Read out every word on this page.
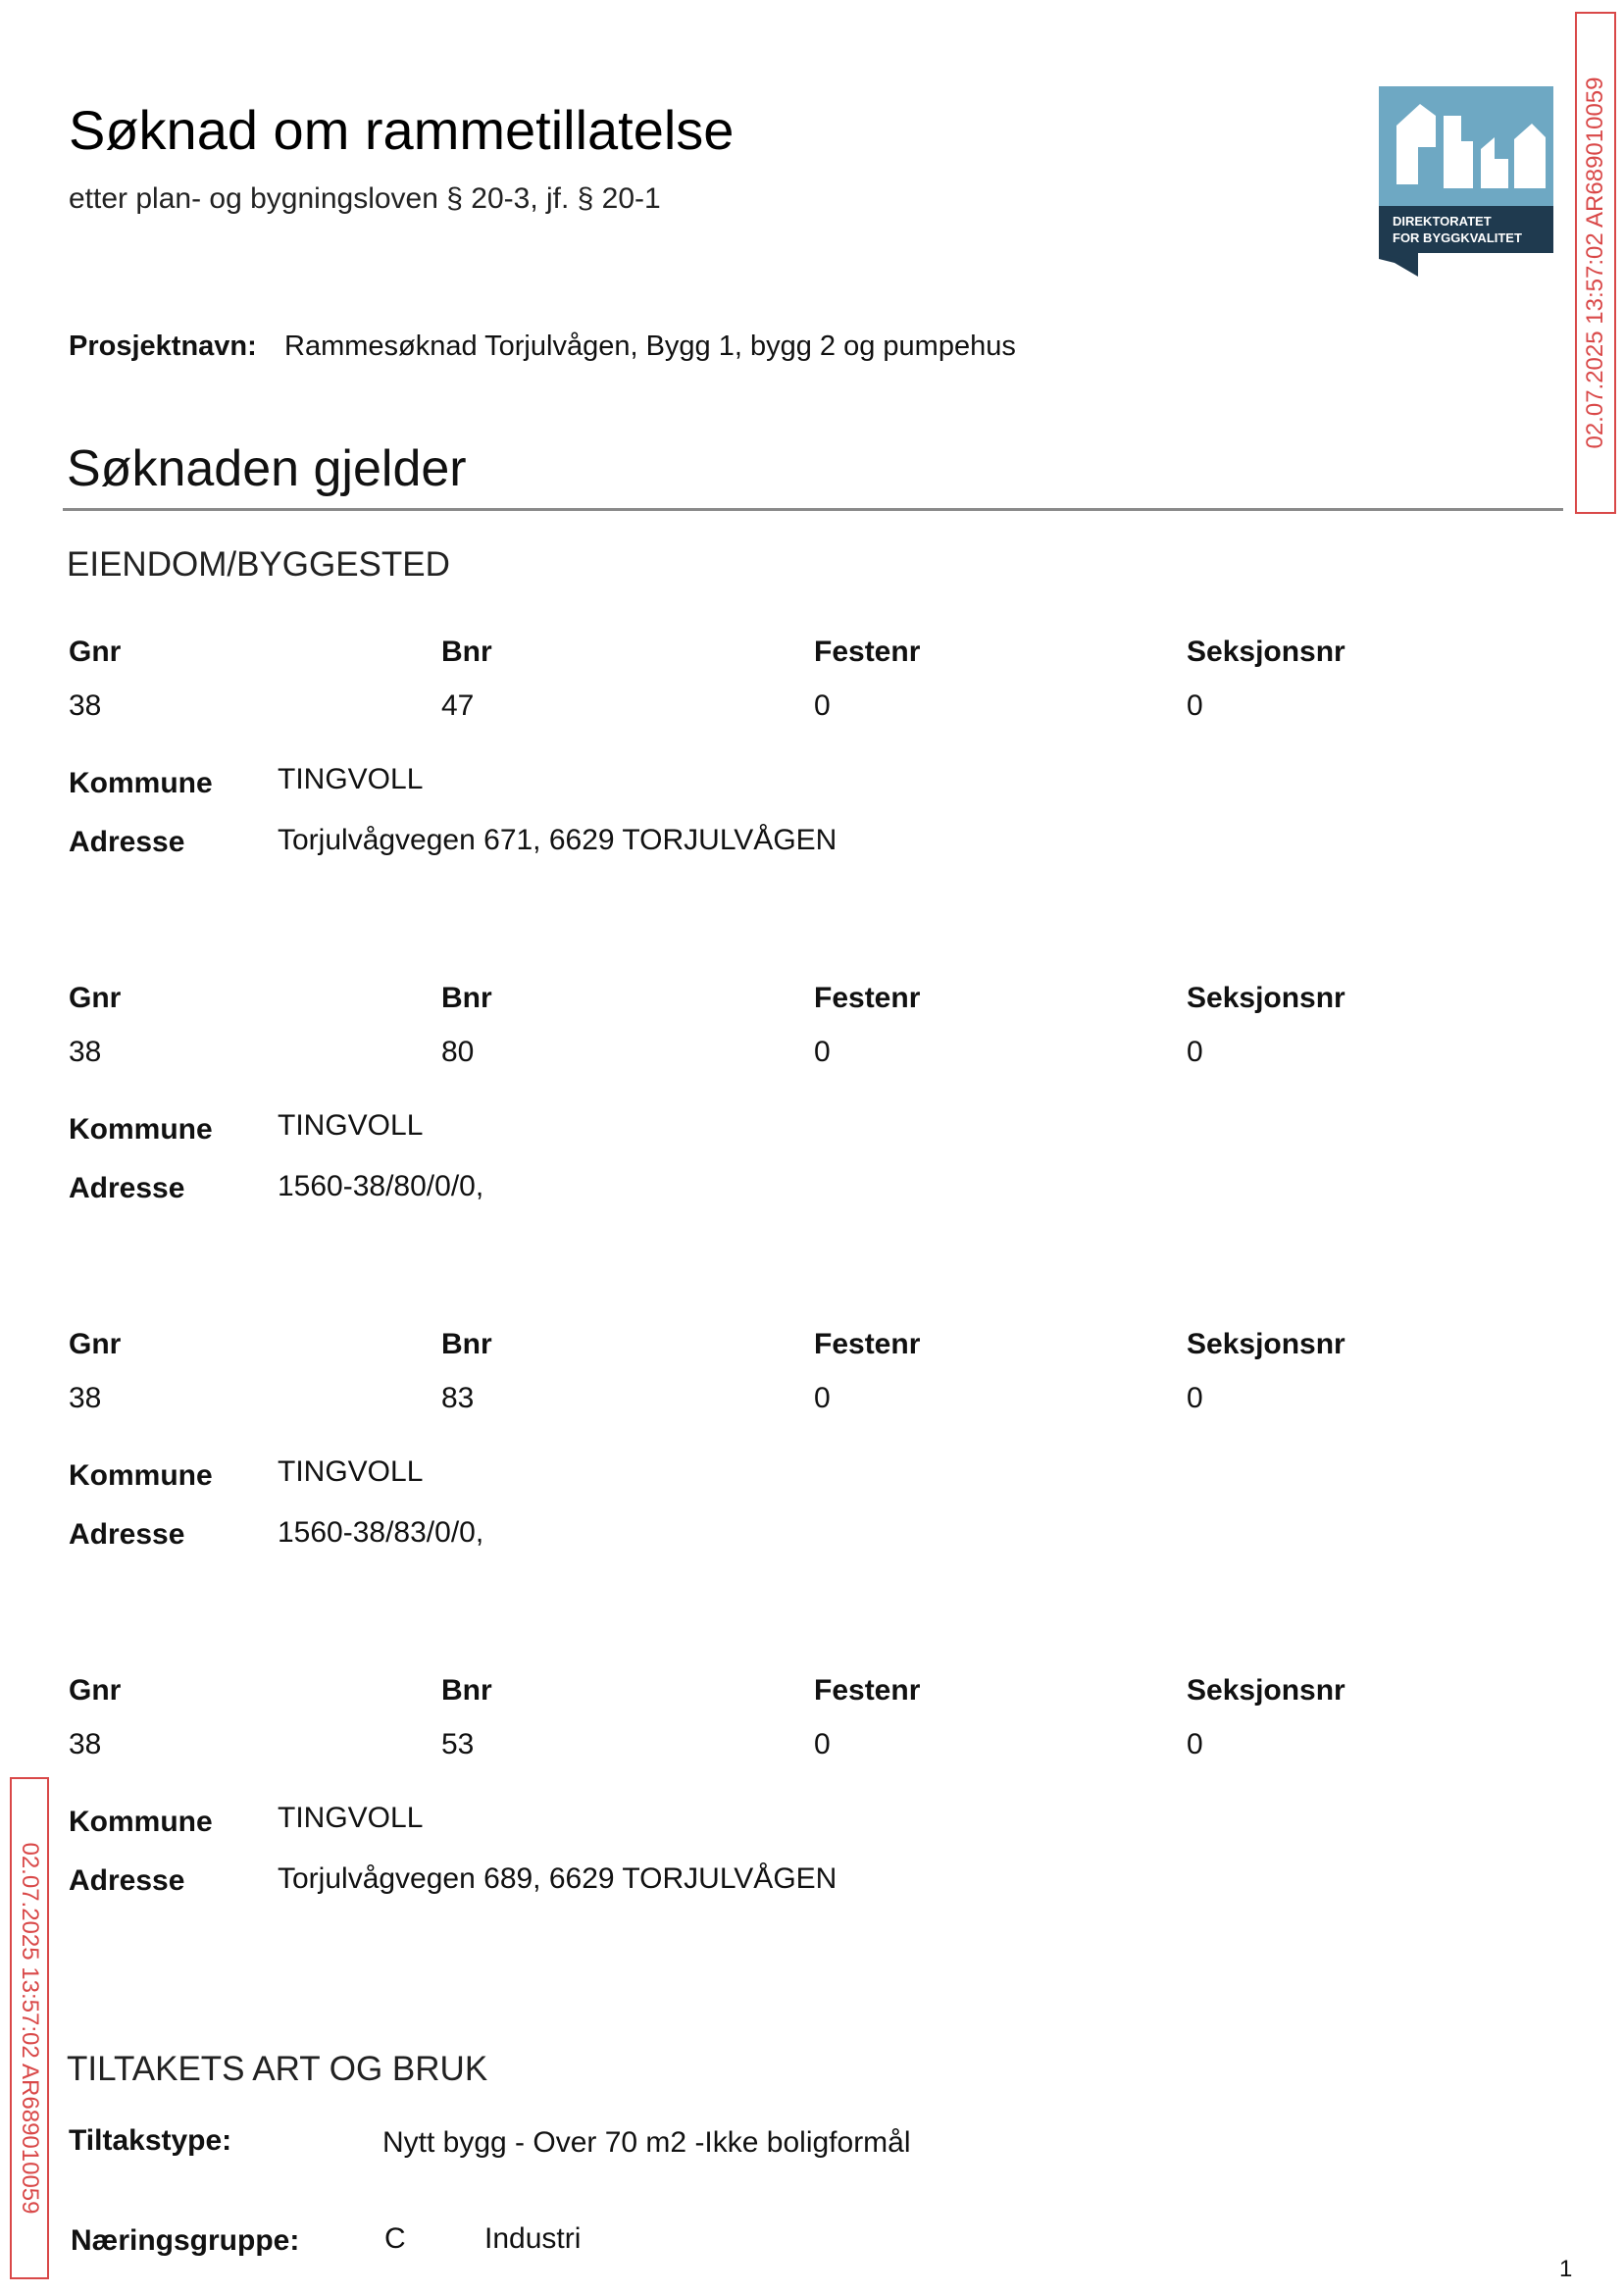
Søknad om rammetillatelse
etter plan- og bygningsloven § 20-3, jf. § 20-1
DIREKTORATET
FOR BYGGKVALITET	02.07.2025 13:57:02 AR689010059
02.07.2025 13:57:02 AR689010059
Prosjektnavn: Rammesøknad Torjulvågen, Bygg 1, bygg 2 og pumpehus
Søknaden gjelder
EIENDOM/BYGGESTED
Gnr	Bnr	Festenr	Seksjonsnr
38	47	0	0
Kommune TINGVOLL
Adresse	Torjulvågvegen 671, 6629 TORJULVÅGEN
Gnr	Bnr	Festenr	Seksjonsnr
38	80	0	0
Kommune TINGVOLL
Adresse	1560-38/80/0/0,
Gnr	Bnr	Festenr	Seksjonsnr
38	83	0	0
Kommune TINGVOLL
Adresse	1560-38/83/0/0,
Gnr	Bnr	Festenr	Seksjonsnr
38	53	0	0
Kommune TINGVOLL
Adresse	Torjulvågvegen 689, 6629 TORJULVÅGEN
TILTAKETS ART OG BRUK
Tiltakstype:	Nytt bygg - Over 70 m2 -Ikke boligformål
Næringsgruppe:	C	Industri
1
